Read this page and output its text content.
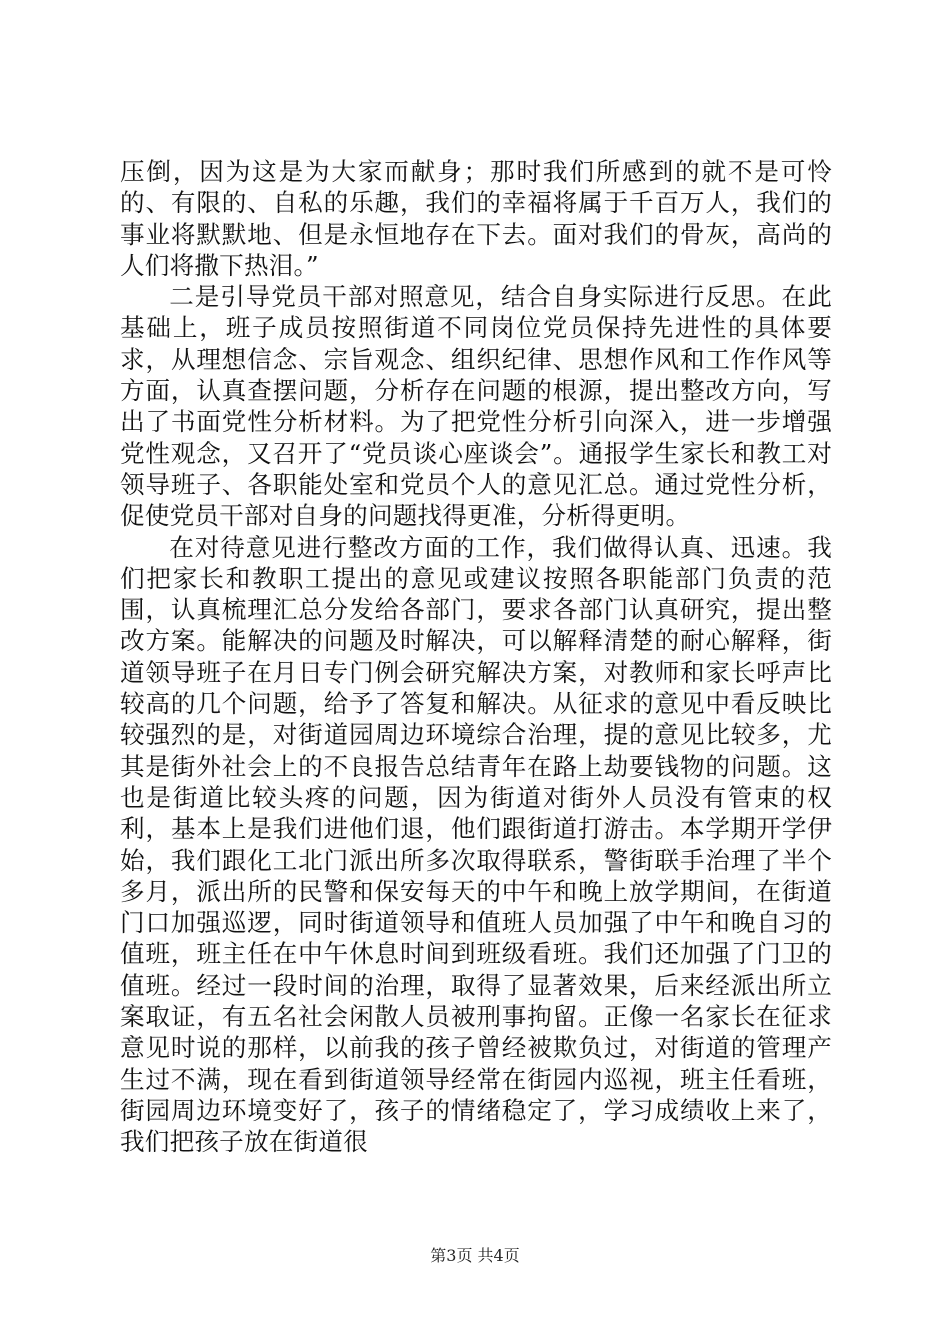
压倒，因为这是为大家而献身；那时我们所感到的就不是可怜的、有限的、自私的乐趣，我们的幸福将属于千百万人，我们的事业将默默地、但是永恒地存在下去。面对我们的骨灰，高尚的人们将撒下热泪。”

二是引导党员干部对照意见，结合自身实际进行反思。在此基础上，班子成员按照街道不同岗位党员保持先进性的具体要求，从理想信念、宗旨观念、组织纪律、思想作风和工作作风等方面，认真查摆问题，分析存在问题的根源，提出整改方向，写出了书面党性分析材料。为了把党性分析引向深入，进一步增强党性观念，又召开了“党员谈心座谈会”。通报学生家长和教工对领导班子、各职能处室和党员个人的意见汇总。通过党性分析，促使党员干部对自身的问题找得更准，分析得更明。

在对待意见进行整改方面的工作，我们做得认真、迅速。我们把家长和教职工提出的意见或建议按照各职能部门负责的范围，认真梳理汇总分发给各部门，要求各部门认真研究，提出整改方案。能解决的问题及时解决，可以解释清楚的耐心解释，街道领导班子在月日专门例会研究解决方案，对教师和家长呼声比较高的几个问题，给予了答复和解决。从征求的意见中看反映比较强烈的是，对街道园周边环境综合治理，提的意见比较多，尤其是街外社会上的不良报告总结青年在路上劫要钱物的问题。这也是街道比较头疼的问题，因为街道对街外人员没有管束的权利，基本上是我们进他们退，他们跟街道打游击。本学期开学伊始，我们跟化工北门派出所多次取得联系，警街联手治理了半个多月，派出所的民警和保安每天的中午和晚上放学期间，在街道门口加强巡逻，同时街道领导和值班人员加强了中午和晚自习的值班，班主任在中午休息时间到班级看班。我们还加强了门卫的值班。经过一段时间的治理，取得了显著效果，后来经派出所立案取证，有五名社会闲散人员被刑事拘留。正像一名家长在征求意见时说的那样，以前我的孩子曾经被欺负过，对街道的管理产生过不满，现在看到街道领导经常在街园内巡视，班主任看班，街园周边环境变好了，孩子的情绪稳定了，学习成绩收上来了，我们把孩子放在街道很

第3页 共4页
